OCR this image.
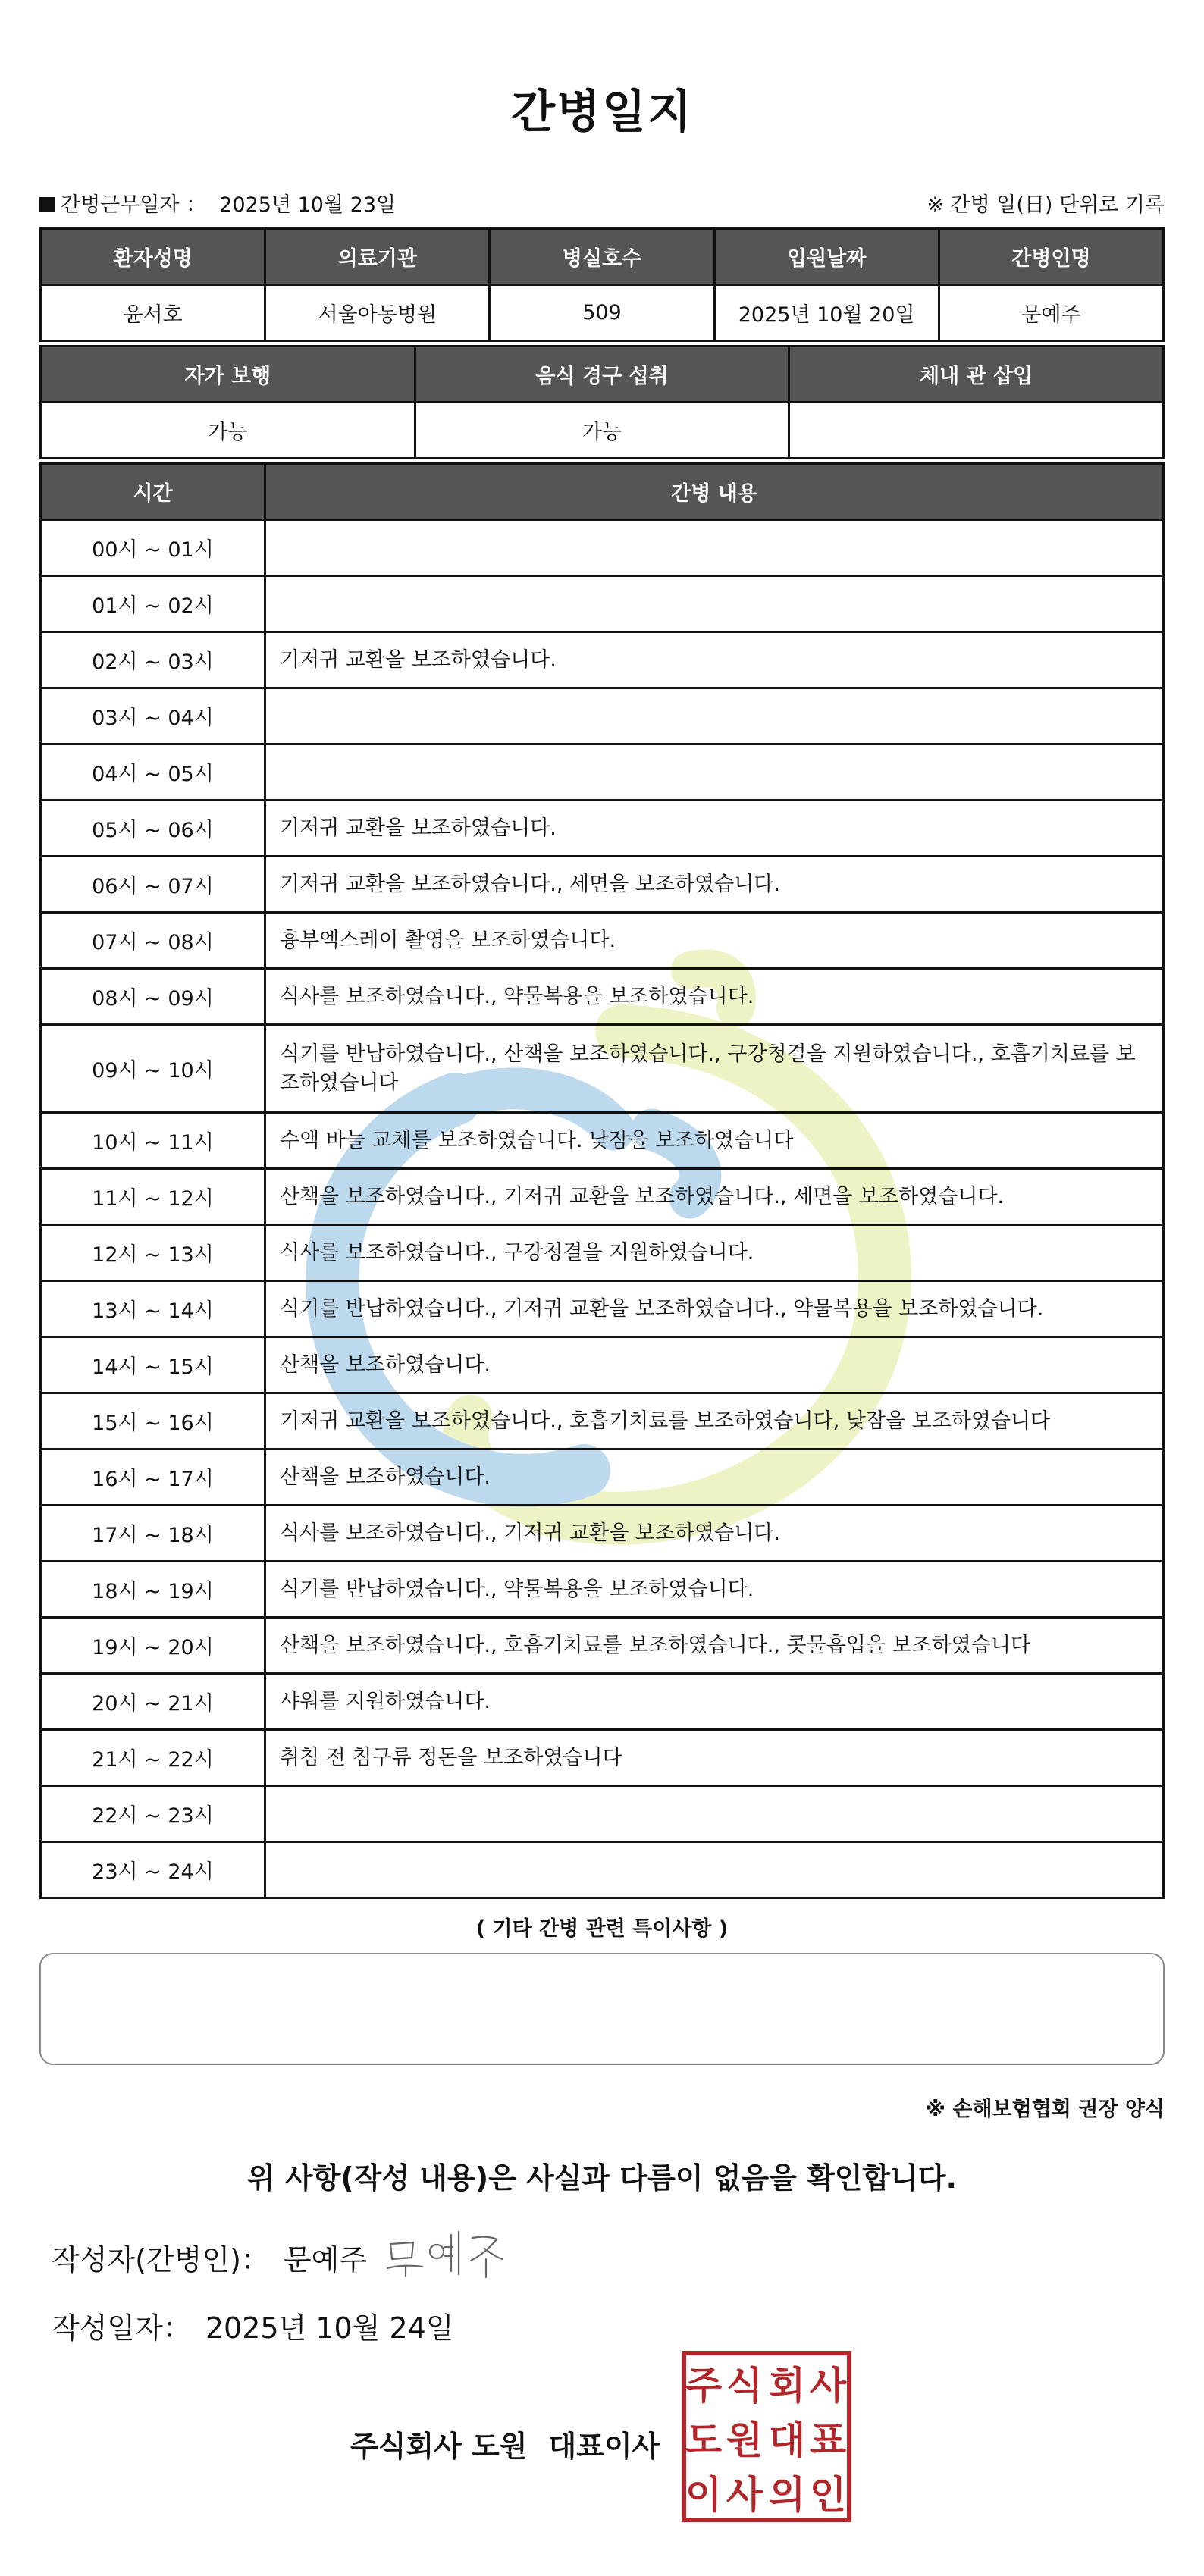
간병일지
간병근무일자 ： 2025년 10월 23일	※ 간병 일(日) 단위로 기록
환자성명	의료기관	병실호수	입원날짜	간병인명
윤서호	서울아동병원	509	2025년 10월 20일	문예주
자가 보행	음식 경구 섭취	체내 관 삽입
가능	가능	
시간	간병 내용
00시 ~ 01시	
01시 ~ 02시	
02시 ~ 03시	기저귀 교환을 보조하였습니다.
03시 ~ 04시	
04시 ~ 05시	
05시 ~ 06시	기저귀 교환을 보조하였습니다.
06시 ~ 07시	기저귀 교환을 보조하였습니다., 세면을 보조하였습니다.
07시 ~ 08시	흉부엑스레이 촬영을 보조하였습니다.
08시 ~ 09시	식사를 보조하였습니다., 약물복용을 보조하였습니다.
09시 ~ 10시	식기를 반납하였습니다., 산책을 보조하였습니다., 구강청결을 지원하였습니다., 호흡기치료를 보조하였습니다
10시 ~ 11시	수액 바늘 교체를 보조하였습니다. 낮잠을 보조하였습니다
11시 ~ 12시	산책을 보조하였습니다., 기저귀 교환을 보조하였습니다., 세면을 보조하였습니다.
12시 ~ 13시	식사를 보조하였습니다., 구강청결을 지원하였습니다.
13시 ~ 14시	식기를 반납하였습니다., 기저귀 교환을 보조하였습니다., 약물복용을 보조하였습니다.
14시 ~ 15시	산책을 보조하였습니다.
15시 ~ 16시	기저귀 교환을 보조하였습니다., 호흡기치료를 보조하였습니다, 낮잠을 보조하였습니다
16시 ~ 17시	산책을 보조하였습니다.
17시 ~ 18시	식사를 보조하였습니다., 기저귀 교환을 보조하였습니다.
18시 ~ 19시	식기를 반납하였습니다., 약물복용을 보조하였습니다.
19시 ~ 20시	산책을 보조하였습니다., 호흡기치료를 보조하였습니다., 콧물흡입을 보조하였습니다
20시 ~ 21시	샤워를 지원하였습니다.
21시 ~ 22시	취침 전 침구류 정돈을 보조하였습니다
22시 ~ 23시	
23시 ~ 24시	
( 기타 간병 관련 특이사항 )
※ 손해보험협회 권장 양식
위 사항(작성 내용)은 사실과 다름이 없음을 확인합니다.
작성자(간병인)： 문예주
작성일자： 2025년 10월 24일
주식회사 도원 대표이사
주 식 회 사
도 원 대 표
이 사 의 인
